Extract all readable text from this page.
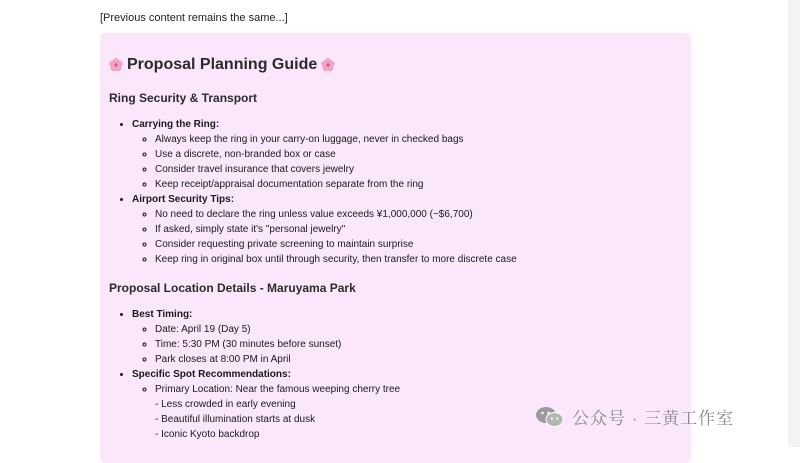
[Previous content remains the same...]
Proposal Planning Guide
Ring Security & Transport
• Carrying the Ring:
◦ Always keep the ring in your carry-on luggage, never in checked bags
◦ Use a discrete, non-branded box or case
◦ Consider travel insurance that covers jewelry
◦ Keep receipt/appraisal documentation separate from the ring
• Airport Security Tips:
◦ No need to declare the ring unless value exceeds ¥1,000,000 (~$6,700)
◦ If asked, simply state it's "personal jewelry"
◦ Consider requesting private screening to maintain surprise
◦ Keep ring in original box until through security, then transfer to more discrete case
Proposal Location Details - Maruyama Park
• Best Timing:
◦ Date: April 19 (Day 5)
◦ Time: 5:30 PM (30 minutes before sunset)
◦ Park closes at 8:00 PM in April
• Specific Spot Recommendations:
◦ Primary Location: Near the famous weeping cherry tree
- Less crowded in early evening
- Beautiful illumination starts at dusk
- Iconic Kyoto backdrop
公众号 · 三黄工作室
